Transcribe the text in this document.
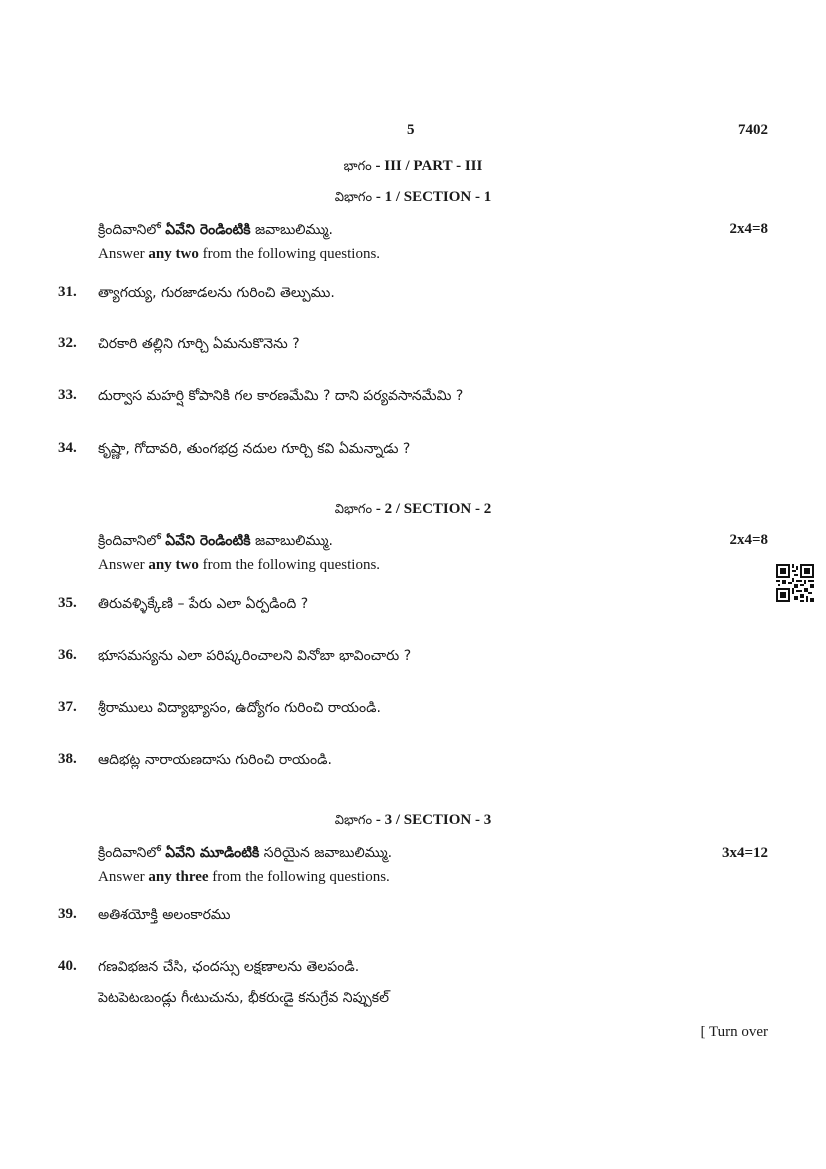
5	7402
భాగం - III / PART - III
విభాగం - 1 / SECTION - 1
క్రిందివానిలో ఏవేని రెండింటికి జవాబులిమ్ము.	2x4=8
Answer any two from the following questions.
31. త్యాగయ్య, గురజాడలను గురించి తెల్పుము.
32. చిరకారి తల్లిని గూర్చి ఏమనుకొనెను ?
33. దుర్వాస మహర్షి కోపానికి గల కారణమేమి ? దాని పర్యవసానమేమి ?
34. కృష్ణా, గోదావరి, తుంగభద్ర నదుల గూర్చి కవి ఏమన్నాడు ?
విభాగం - 2 / SECTION - 2
క్రిందివానిలో ఏవేని రెండింటికి జవాబులిమ్ము.	2x4=8
Answer any two from the following questions.
35. తిరువళ్ళిక్కేణి – పేరు ఎలా ఏర్పడింది ?
36. భూసమస్యను ఎలా పరిష్కరించాలని వినోబా భావించారు ?
37. శ్రీరాములు విద్యాభ్యాసం, ఉద్యోగం గురించి రాయండి.
38. ఆదిభట్ల నారాయణదాసు గురించి రాయండి.
విభాగం - 3 / SECTION - 3
క్రిందివానిలో ఏవేని మూడింటికి సరియైన జవాబులిమ్ము.	3x4=12
Answer any three from the following questions.
39. అతిశయోక్తి అలంకారము
40. గణవిభజన చేసి, ఛందస్సు లక్షణాలను తెలపండి.
పెటపెటఁబండ్లు గీఁటుచును, భీకరుఁడై కనుగ్రేవ నిప్పుకల్
[ Turn over
